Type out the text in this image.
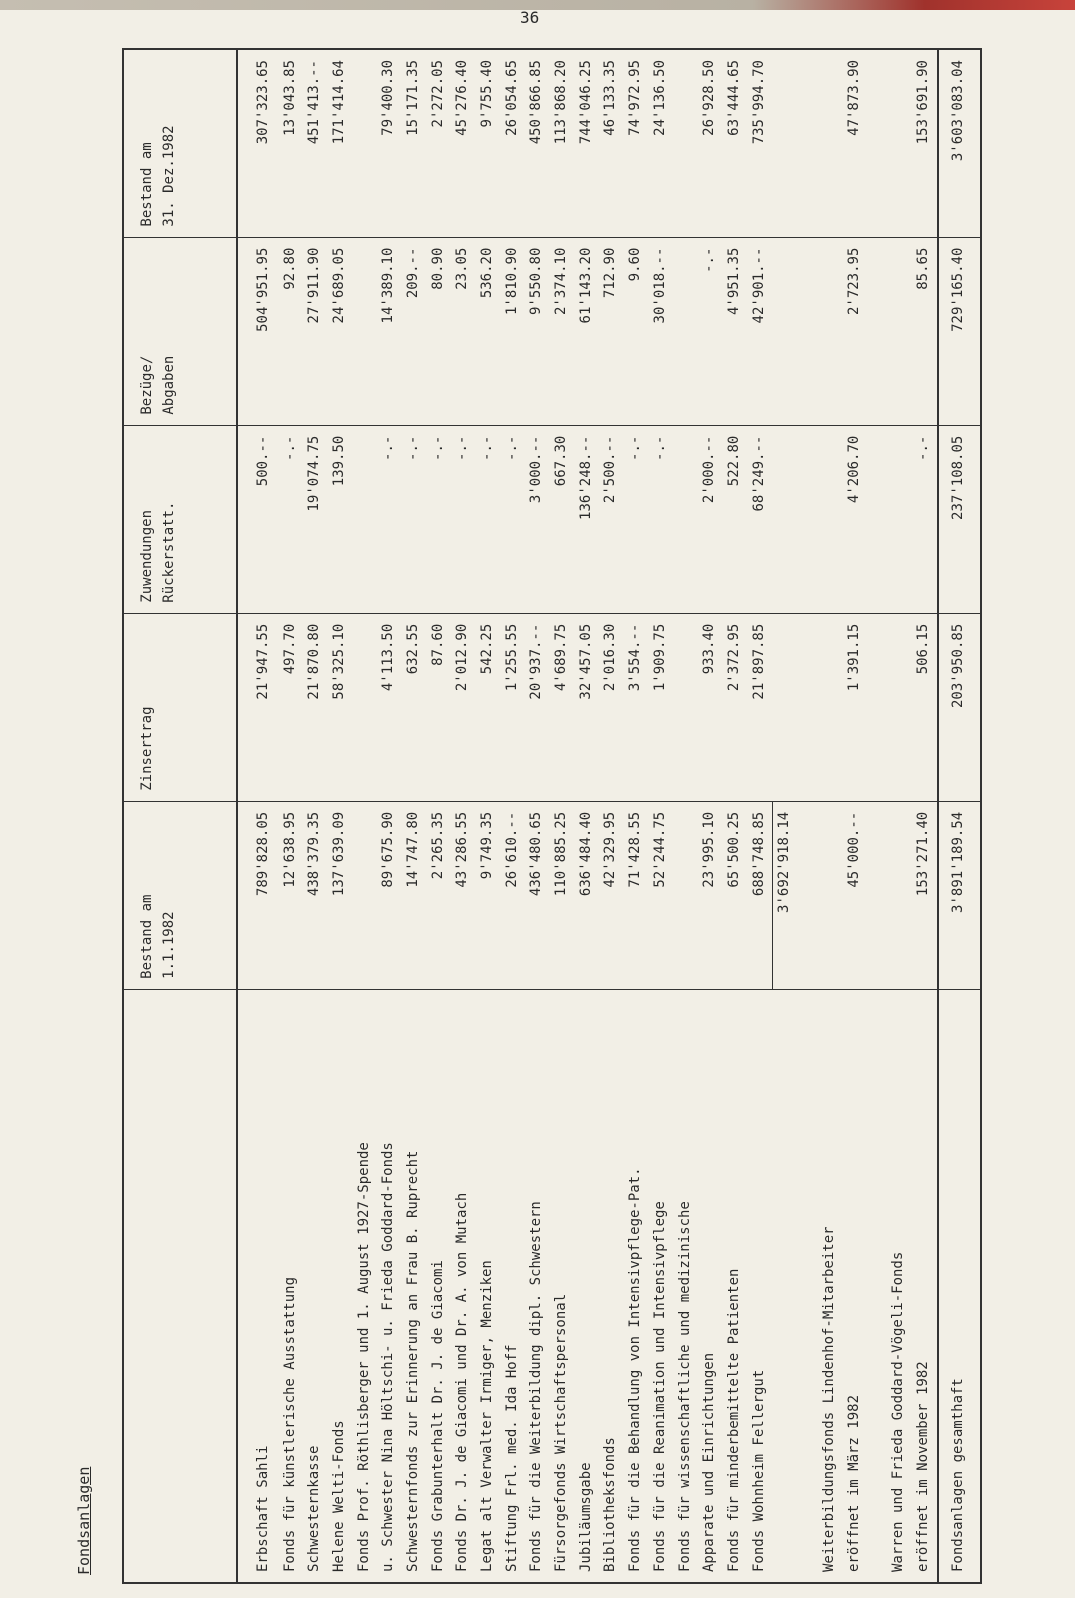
36
Fondsanlagen
	Bestand am 1.1.1982	Zinsertrag	Zuwendungen Rückerstatt.	Bezüge/ Abgaben	Bestand am 31. Dez.1982
Erbschaft Sahli	789'828.05	21'947.55	500.--	504'951.95	307'323.65
Fonds für künstlerische Ausstattung	12'638.95	497.70	-.-	92.80	13'043.85
Schwesternkasse	438'379.35	21'870.80	19'074.75	27'911.90	451'413.--
Helene Welti-Fonds	137'639.09	58'325.10	139.50	24'689.05	171'414.64
Fonds Prof. Röthlisberger und 1. August 1927-Spende					
u. Schwester Nina Höltschi- u. Frieda Goddard-Fonds	89'675.90	4'113.50	-.-	14'389.10	79'400.30
Schwesternfonds zur Erinnerung an Frau B. Ruprecht	14'747.80	632.55	-.-	209.--	15'171.35
Fonds Grabunterhalt Dr. J. de Giacomi	2'265.35	87.60	-.-	80.90	2'272.05
Fonds Dr. J. de Giacomi und Dr. A. von Mutach	43'286.55	2'012.90	-.-	23.05	45'276.40
Legat alt Verwalter Irmiger, Menziken	9'749.35	542.25	-.-	536.20	9'755.40
Stiftung Frl. med. Ida Hoff	26'610.--	1'255.55	-.-	1'810.90	26'054.65
Fonds für die Weiterbildung dipl. Schwestern	436'480.65	20'937.--	3'000.--	9'550.80	450'866.85
Fürsorgefonds Wirtschaftspersonal	110'885.25	4'689.75	667.30	2'374.10	113'868.20
Jubiläumsgabe	636'484.40	32'457.05	136'248.--	61'143.20	744'046.25
Bibliotheksfonds	42'329.95	2'016.30	2'500.--	712.90	46'133.35
Fonds für die Behandlung von Intensivpflege-Pat.	71'428.55	3'554.--	-.-	9.60	74'972.95
Fonds für die Reanimation und Intensivpflege	52'244.75	1'909.75	-.-	30'018.--	24'136.50
Fonds für wissenschaftliche und medizinische					
Apparate und Einrichtungen	23'995.10	933.40	2'000.--	-.-	26'928.50
Fonds für minderbemittelte Patienten	65'500.25	2'372.95	522.80	4'951.35	63'444.65
Fonds Wohnheim Fellergut	688'748.85	21'897.85	68'249.--	42'901.--	735'994.70
	3'692'918.14				

Weiterbildungsfonds Lindenhof-Mitarbeiter					
eröffnet im März 1982	45'000.--	1'391.15	4'206.70	2'723.95	47'873.90

Warren und Frieda Goddard-Vögeli-Fonds					
eröffnet im November 1982	153'271.40	506.15	-.-	85.65	153'691.90

Fondsanlagen gesamthaft	3'891'189.54	203'950.85	237'108.05	729'165.40	3'603'083.04
